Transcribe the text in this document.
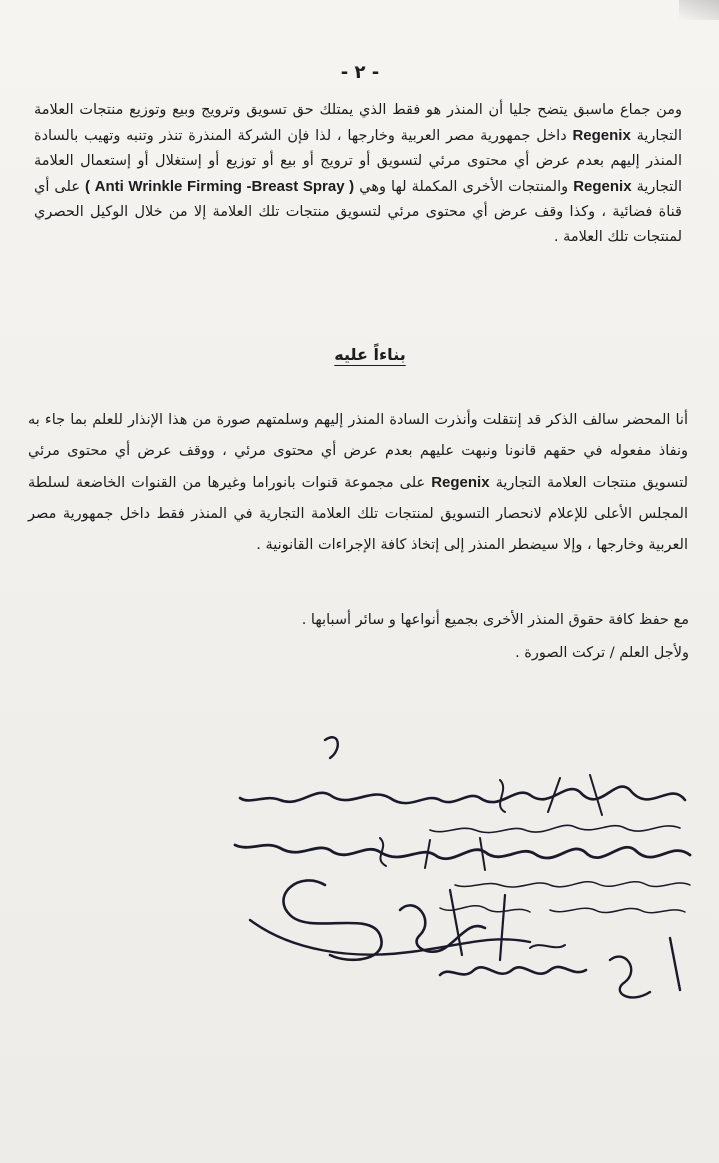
- ٢ -

ومن جماع ماسبق يتضح جليا أن المنذر هو فقط الذي يمتلك حق تسويق وترويج وبيع وتوزيع منتجات العلامة التجارية Regenix داخل جمهورية مصر العربية وخارجها ، لذا فإن الشركة المنذرة تنذر وتنبه وتهيب بالسادة المنذر إليهم بعدم عرض أي محتوى مرئي لتسويق أو ترويج أو بيع أو توزيع أو إستغلال أو إستعمال العلامة التجارية Regenix والمنتجات الأخرى المكملة لها وهي ( Anti Wrinkle Firming -Breast Spray ) على أي قناة فضائية ، وكذا وقف عرض أي محتوى مرئي لتسويق منتجات تلك العلامة إلا من خلال الوكيل الحصري لمنتجات تلك العلامة .

بناءاً عليه

أنا المحضر سالف الذكر قد إنتقلت وأنذرت السادة المنذر إليهم وسلمتهم صورة من هذا الإنذار للعلم بما جاء به ونفاذ مفعوله في حقهم قانونا ونبهت عليهم بعدم عرض أي محتوى مرئي ، ووقف عرض أي محتوى مرئي لتسويق منتجات العلامة التجارية Regenix على مجموعة قنوات بانوراما وغيرها من القنوات الخاضعة لسلطة المجلس الأعلى للإعلام لانحصار التسويق لمنتجات تلك العلامة التجارية في المنذر فقط داخل جمهورية مصر العربية وخارجها ، وإلا سيضطر المنذر إلى إتخاذ كافة الإجراءات القانونية .

مع حفظ كافة حقوق المنذر الأخرى بجميع أنواعها و سائر أسبابها .

ولأجل العلم / تركت الصورة .
